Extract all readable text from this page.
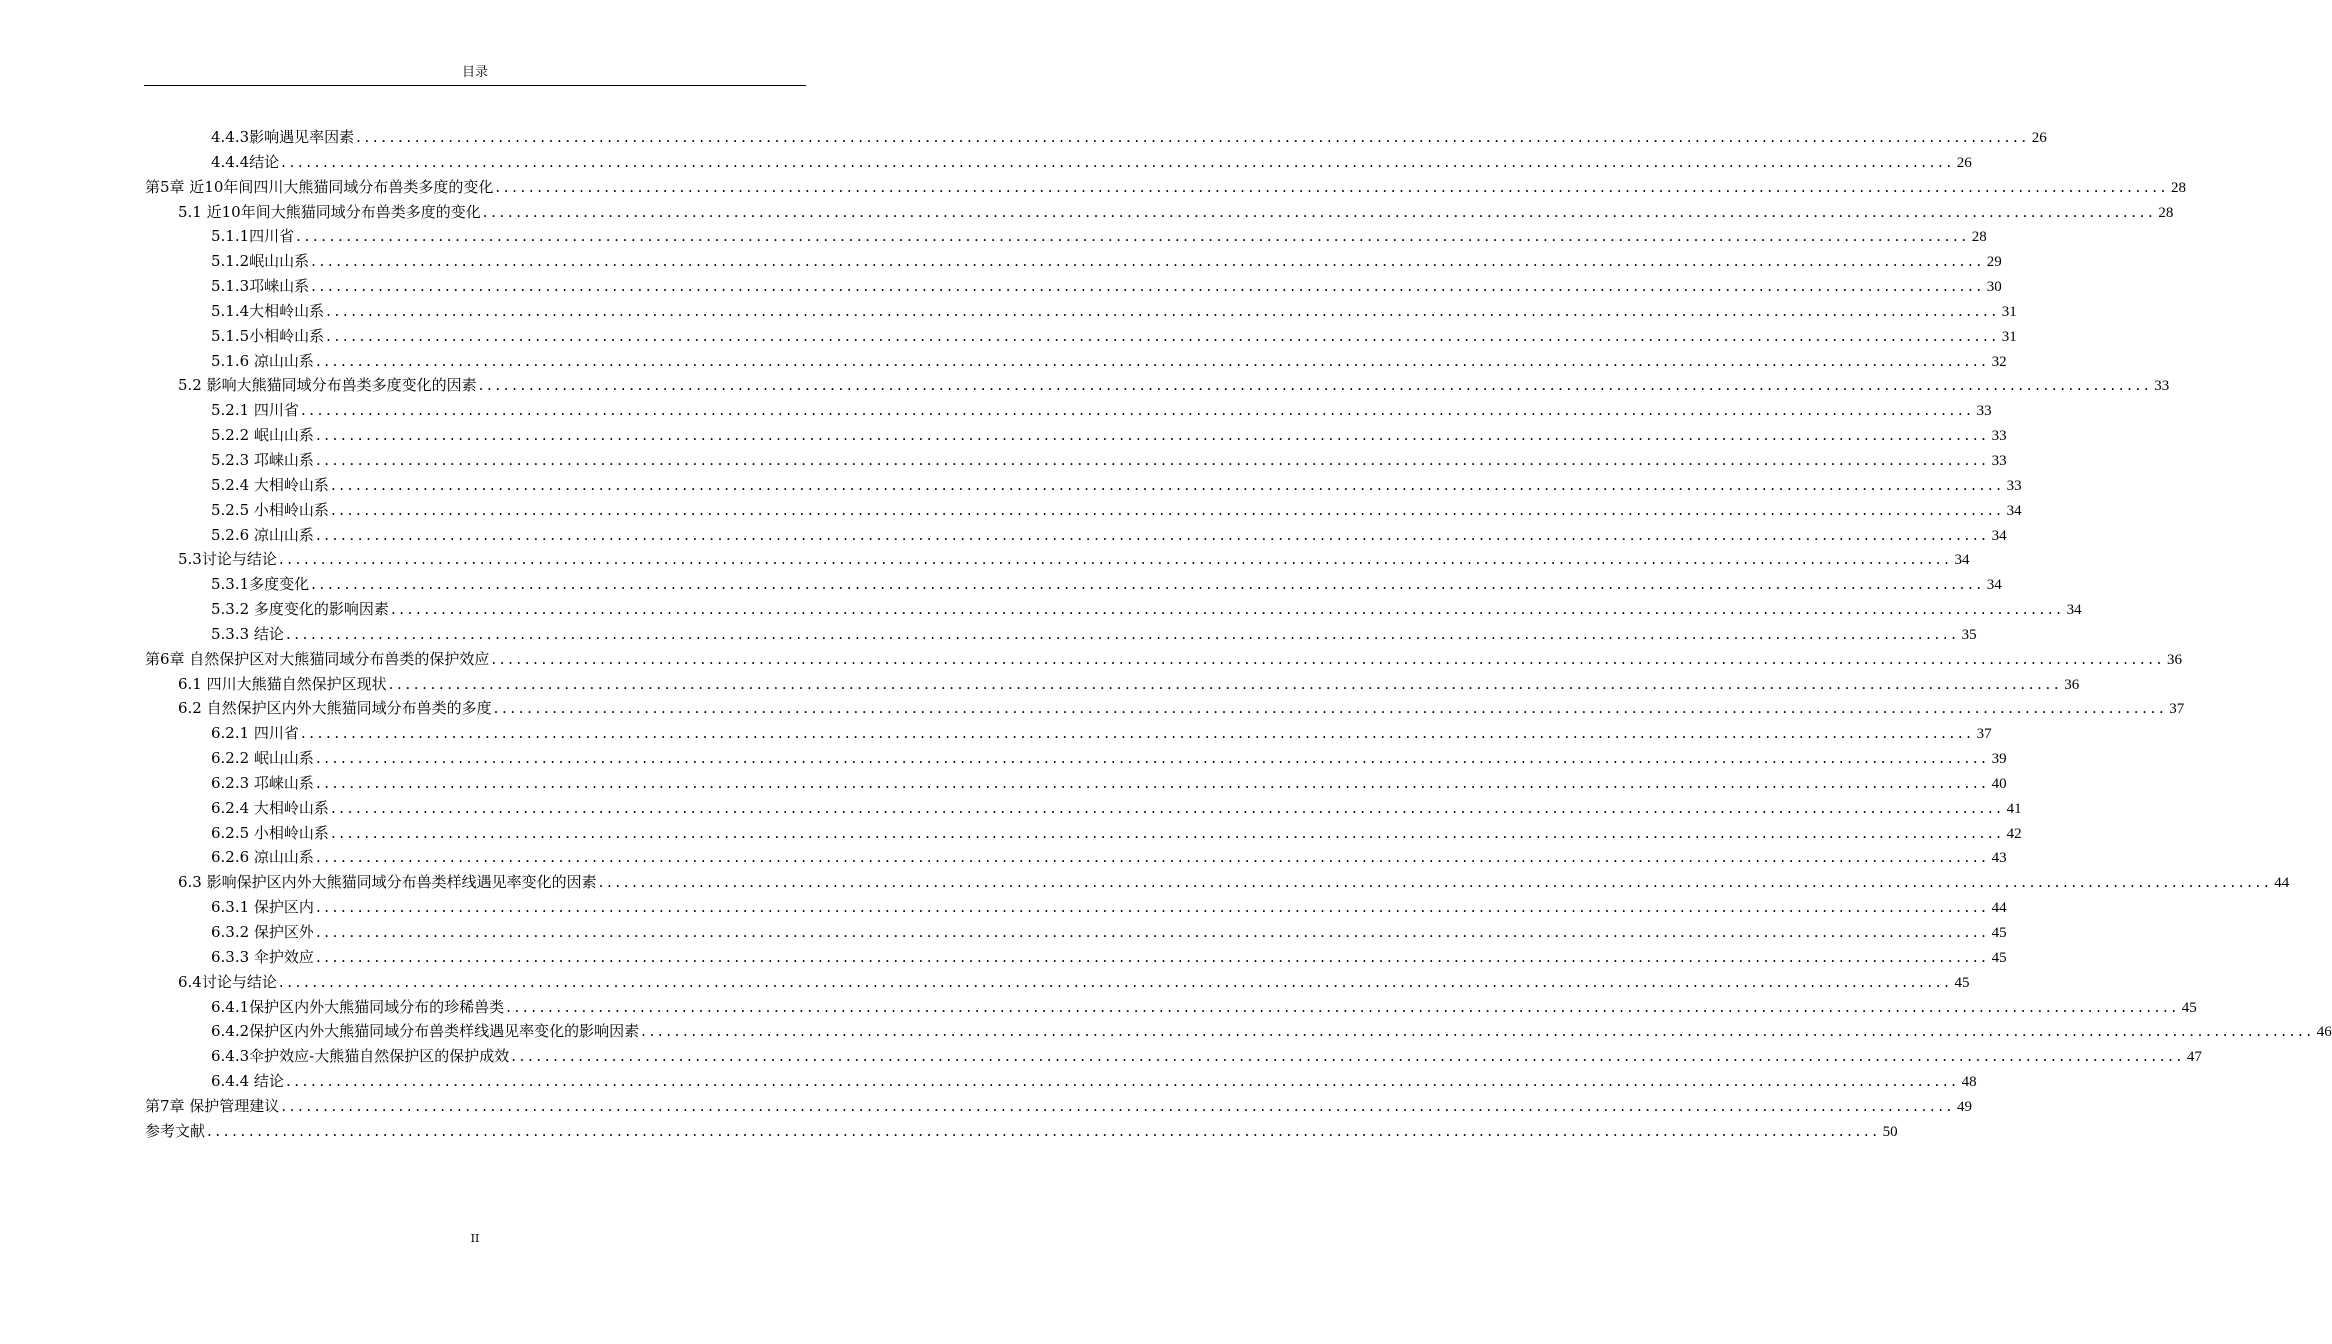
目录
4.4.3影响遇见率因素 ........................................................................................................................................................................................................ 26
4.4.4结论 ........................................................................................................................................................................................................ 26
第5章 近10年间四川大熊猫同域分布兽类多度的变化 ........................................................................................................................................................................................................ 28
5.1 近10年间大熊猫同域分布兽类多度的变化 ........................................................................................................................................................................................................ 28
5.1.1四川省 ........................................................................................................................................................................................................ 28
5.1.2岷山山系 ........................................................................................................................................................................................................ 29
5.1.3邛崃山系 ........................................................................................................................................................................................................ 30
5.1.4大相岭山系 ........................................................................................................................................................................................................ 31
5.1.5小相岭山系 ........................................................................................................................................................................................................ 31
5.1.6 凉山山系 ........................................................................................................................................................................................................ 32
5.2 影响大熊猫同域分布兽类多度变化的因素 ........................................................................................................................................................................................................ 33
5.2.1 四川省 ........................................................................................................................................................................................................ 33
5.2.2 岷山山系 ........................................................................................................................................................................................................ 33
5.2.3 邛崃山系 ........................................................................................................................................................................................................ 33
5.2.4 大相岭山系 ........................................................................................................................................................................................................ 33
5.2.5 小相岭山系 ........................................................................................................................................................................................................ 34
5.2.6 凉山山系 ........................................................................................................................................................................................................ 34
5.3讨论与结论 ........................................................................................................................................................................................................ 34
5.3.1多度变化 ........................................................................................................................................................................................................ 34
5.3.2 多度变化的影响因素 ........................................................................................................................................................................................................ 34
5.3.3 结论 ........................................................................................................................................................................................................ 35
第6章 自然保护区对大熊猫同域分布兽类的保护效应 ........................................................................................................................................................................................................ 36
6.1 四川大熊猫自然保护区现状 ........................................................................................................................................................................................................ 36
6.2 自然保护区内外大熊猫同域分布兽类的多度 ........................................................................................................................................................................................................ 37
6.2.1 四川省 ........................................................................................................................................................................................................ 37
6.2.2 岷山山系 ........................................................................................................................................................................................................ 39
6.2.3 邛崃山系 ........................................................................................................................................................................................................ 40
6.2.4 大相岭山系 ........................................................................................................................................................................................................ 41
6.2.5 小相岭山系 ........................................................................................................................................................................................................ 42
6.2.6 凉山山系 ........................................................................................................................................................................................................ 43
6.3 影响保护区内外大熊猫同域分布兽类样线遇见率变化的因素 ........................................................................................................................................................................................................ 44
6.3.1 保护区内 ........................................................................................................................................................................................................ 44
6.3.2 保护区外 ........................................................................................................................................................................................................ 45
6.3.3 伞护效应 ........................................................................................................................................................................................................ 45
6.4讨论与结论 ........................................................................................................................................................................................................ 45
6.4.1保护区内外大熊猫同域分布的珍稀兽类 ........................................................................................................................................................................................................ 45
6.4.2保护区内外大熊猫同域分布兽类样线遇见率变化的影响因素 ........................................................................................................................................................................................................ 46
6.4.3伞护效应-大熊猫自然保护区的保护成效 ........................................................................................................................................................................................................ 47
6.4.4 结论 ........................................................................................................................................................................................................ 48
第7章 保护管理建议 ........................................................................................................................................................................................................ 49
参考文献 ........................................................................................................................................................................................................ 50
II
